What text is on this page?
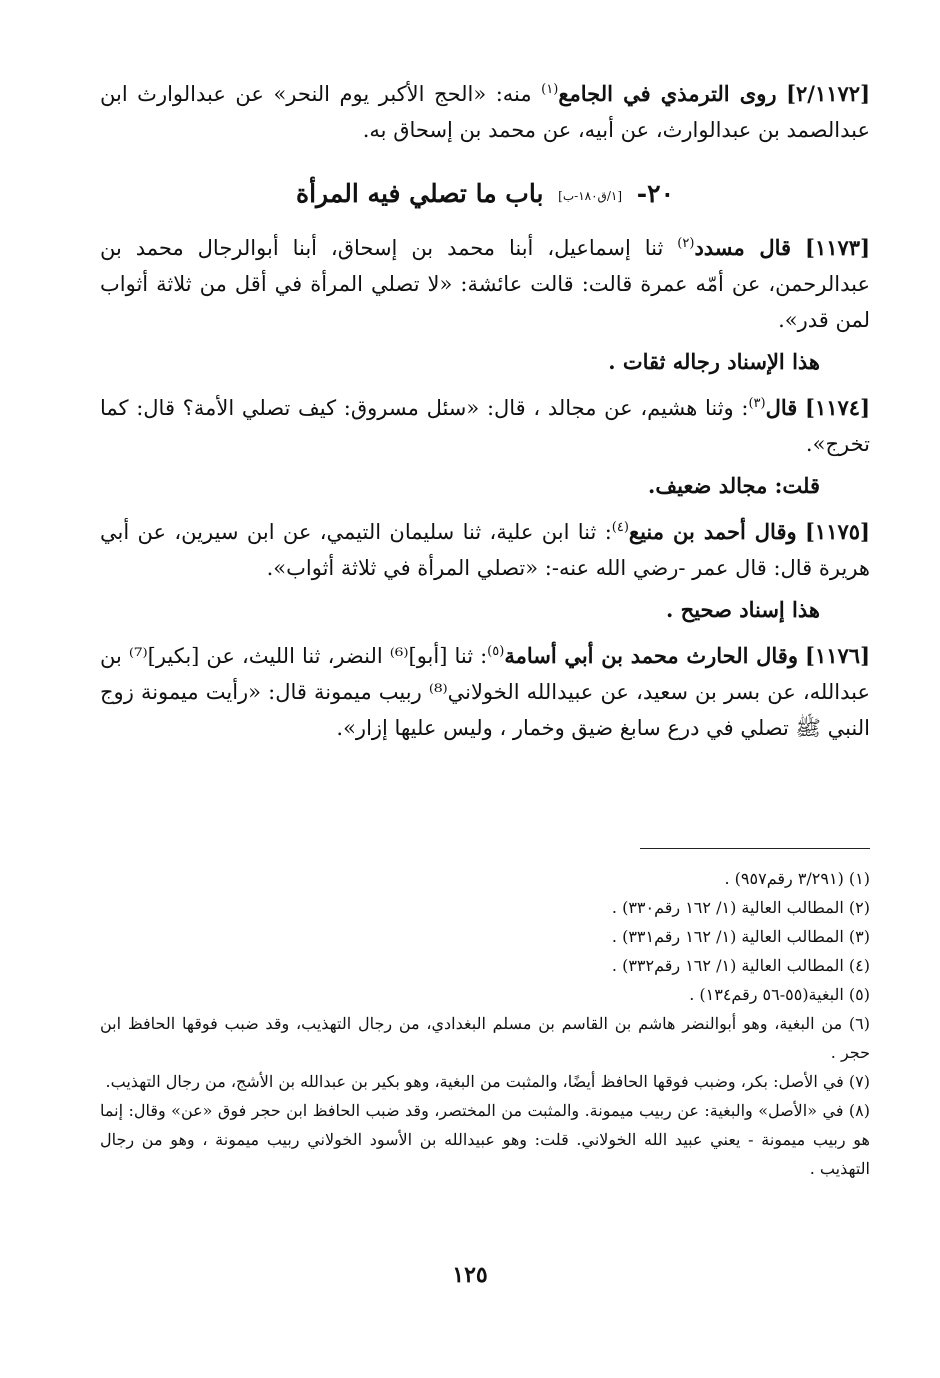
[٢/١١٧٢] روى الترمذي في الجامع$^{(١)}$ منه: «الحج الأكبر يوم النحر» عن عبدالوارث ابن عبدالصمد بن عبدالوارث، عن أبيه، عن محمد بن إسحاق به.

٢٠- [١/ق١٨٠-ب] باب ما تصلي فيه المرأة

[١١٧٣] قال مسدد$^{(٢)}$ ثنا إسماعيل، أبنا محمد بن إسحاق، أبنا أبوالرجال محمد بن عبدالرحمن، عن أمّه عمرة قالت: قالت عائشة: «لا تصلي المرأة في أقل من ثلاثة أثواب لمن قدر».

هذا الإسناد رجاله ثقات .

[١١٧٤] قال$^{(٣)}$: وثنا هشيم، عن مجالد ، قال: «سئل مسروق: كيف تصلي الأمة؟ قال: كما تخرج».

قلت: مجالد ضعيف.

[١١٧٥] وقال أحمد بن منيع$^{(٤)}$: ثنا ابن علية، ثنا سليمان التيمي، عن ابن سيرين، عن أبي هريرة قال: قال عمر -رضي الله عنه-: «تصلي المرأة في ثلاثة أثواب».

هذا إسناد صحيح .

[١١٧٦] وقال الحارث محمد بن أبي أسامة$^{(٥)}$: ثنا [أبو]⁽⁶⁾ النضر، ثنا الليث، عن [بكير]⁽⁷⁾ بن عبدالله، عن بسر بن سعيد، عن عبيدالله الخولاني⁽⁸⁾ ربيب ميمونة قال: «رأيت ميمونة زوج النبي ﷺ تصلي في درع سابغ ضيق وخمار ، وليس عليها إزار».

(١) (٣/٢٩١ رقم٩٥٧) .

(٢) المطالب العالية (١/ ١٦٢ رقم٣٣٠) .

(٣) المطالب العالية (١/ ١٦٢ رقم٣٣١) .

(٤) المطالب العالية (١/ ١٦٢ رقم٣٣٢) .

(٥) البغية(٥٥-٥٦ رقم١٣٤) .

(٦) من البغية، وهو أبوالنضر هاشم بن القاسم بن مسلم البغدادي، من رجال التهذيب، وقد ضبب فوقها الحافظ ابن حجر .

(٧) في الأصل: بكر، وضبب فوقها الحافظ أيضًا، والمثبت من البغية، وهو بكير بن عبدالله بن الأشج، من رجال التهذيب.

(٨) في «الأصل» والبغية: عن ربيب ميمونة. والمثبت من المختصر، وقد ضبب الحافظ ابن حجر فوق «عن» وقال: إنما هو ربيب ميمونة - يعني عبيد الله الخولاني. قلت: وهو عبيدالله بن الأسود الخولاني ربيب ميمونة ، وهو من رجال التهذيب .

١٢٥
